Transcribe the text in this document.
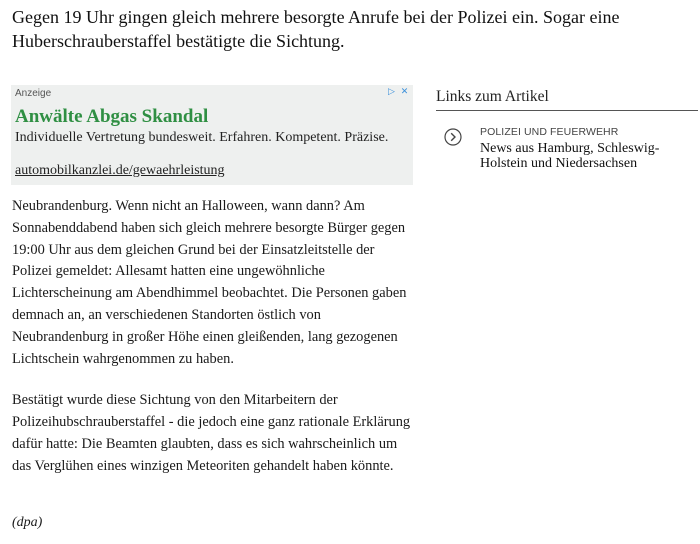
Gegen 19 Uhr gingen gleich mehrere besorgte Anrufe bei der Polizei ein. Sogar eine Huberschrauberstaffel bestätigte die Sichtung.
Anzeige	▷ ✕
Anwälte Abgas Skandal
Individuelle Vertretung bundesweit. Erfahren. Kompetent. Präzise.
automobilkanzlei.de/gewaehrleistung

Neubrandenburg. Wenn nicht an Halloween, wann dann? Am Sonnabenddabend haben sich gleich mehrere besorgte Bürger gegen 19:00 Uhr aus dem gleichen Grund bei der Einsatzleitstelle der Polizei gemeldet: Allesamt hatten eine ungewöhnliche Lichterscheinung am Abendhimmel beobachtet. Die Personen gaben demnach an, an verschiedenen Standorten östlich von Neubrandenburg in großer Höhe einen gleißenden, lang gezogenen Lichtschein wahrgenommen zu haben.

Bestätigt wurde diese Sichtung von den Mitarbeitern der Polizeihubschrauberstaffel - die jedoch eine ganz rationale Erklärung dafür hatte: Die Beamten glaubten, dass es sich wahrscheinlich um das Verglühen eines winzigen Meteoriten gehandelt haben könnte.

(dpa)
Links zum Artikel
POLIZEI UND FEUERWEHR
News aus Hamburg, Schleswig-Holstein und Niedersachsen
